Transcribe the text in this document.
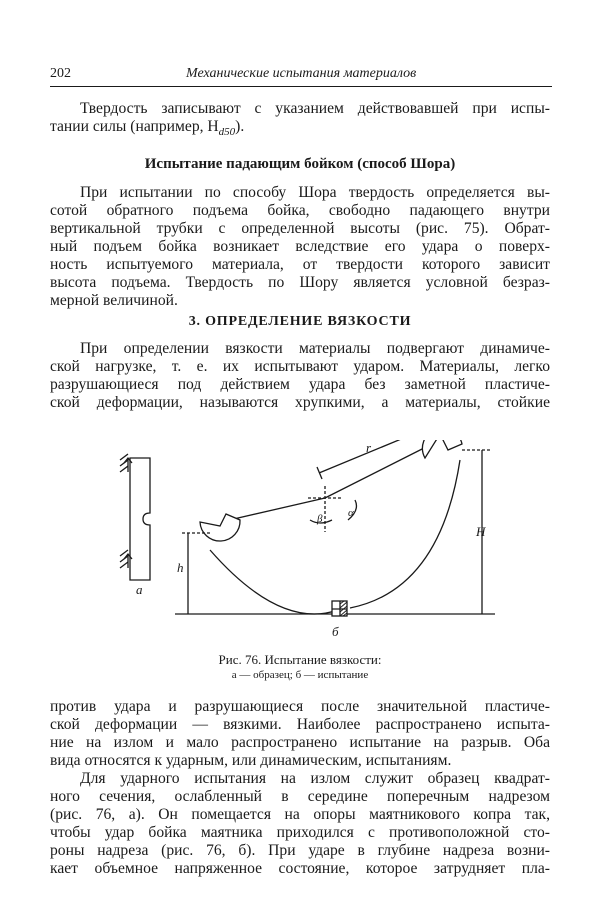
202	Механические испытания материалов
Твердость записывают с указанием действовавшей при испы-
тании силы (например, $H_{d50}$).
Испытание падающим бойком (способ Шора)
При испытании по способу Шора твердость определяется вы-
сотой обратного подъема бойка, свободно падающего внутри
вертикальной трубки с определенной высоты (рис. 75). Обрат-
ный подъем бойка возникает вследствие его удара о поверх-
ность испытуемого материала, от твердости которого зависит
высота подъема. Твердость по Шору является условной безраз-
мерной величиной.
3. ОПРЕДЕЛЕНИЕ ВЯЗКОСТИ
При определении вязкости материалы подвергают динамиче-
ской нагрузке, т. е. их испытывают ударом. Материалы, легко
разрушающиеся под действием удара без заметной пластиче-
ской деформации, называются хрупкими, а материалы, стойкие
а
б
r
h
H
α
β
Рис. 76. Испытание вязкости:
а — образец; б — испытание
против удара и разрушающиеся после значительной пластиче-
ской деформации — вязкими. Наиболее распространено испыта-
ние на излом и мало распространено испытание на разрыв. Оба
вида относятся к ударным, или динамическим, испытаниям.
Для ударного испытания на излом служит образец квадрат-
ного сечения, ослабленный в середине поперечным надрезом
(рис. 76, а). Он помещается на опоры маятникового копра так,
чтобы удар бойка маятника приходился с противоположной сто-
роны надреза (рис. 76, б). При ударе в глубине надреза возни-
кает объемное напряженное состояние, которое затрудняет пла-
